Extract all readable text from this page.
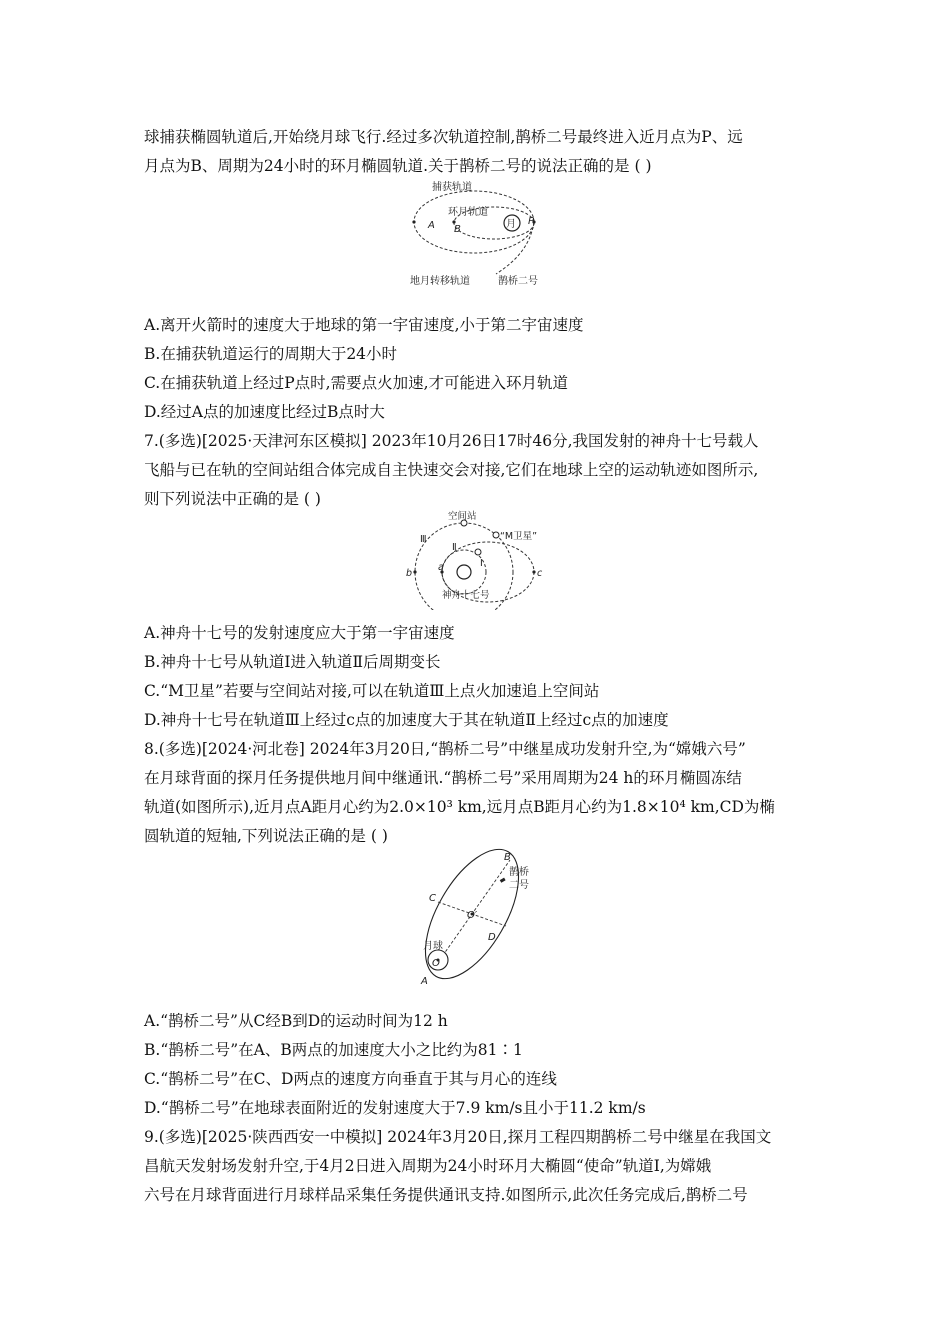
球捕获椭圆轨道后,开始绕月球飞行.经过多次轨道控制,鹊桥二号最终进入近月点为P、远
月点为B、周期为24小时的环月椭圆轨道.关于鹊桥二号的说法正确的是 ( )
捕获轨道
环月轨道
月
A B
P
地月转移轨道	鹊桥二号
A.离开火箭时的速度大于地球的第一宇宙速度,小于第二宇宙速度
B.在捕获轨道运行的周期大于24小时
C.在捕获轨道上经过P点时,需要点火加速,才可能进入环月轨道
D.经过A点的加速度比经过B点时大
7.(多选)[2025·天津河东区模拟] 2023年10月26日17时46分,我国发射的神舟十七号载人
飞船与已在轨的空间站组合体完成自主快速交会对接,它们在地球上空的运动轨迹如图所示,
则下列说法中正确的是 ( )
空间站
“M卫星”
Ⅲ
Ⅱ
Ⅰ
a
b	c
神舟十七号
A.神舟十七号的发射速度应大于第一宇宙速度
B.神舟十七号从轨道Ⅰ进入轨道Ⅱ后周期变长
C.“M卫星”若要与空间站对接,可以在轨道Ⅲ上点火加速追上空间站
D.神舟十七号在轨道Ⅲ上经过c点的加速度大于其在轨道Ⅱ上经过c点的加速度
8.(多选)[2024·河北卷] 2024年3月20日,“鹊桥二号”中继星成功发射升空,为“嫦娥六号”
在月球背面的探月任务提供地月间中继通讯.“鹊桥二号”采用周期为24 h的环月椭圆冻结
轨道(如图所示),近月点A距月心约为2.0×10³ km,远月点B距月心约为1.8×10⁴ km,CD为椭
圆轨道的短轴,下列说法正确的是 ( )
B
C
O′
D
鹊桥
二号
月球
O
A
A.“鹊桥二号”从C经B到D的运动时间为12 h
B.“鹊桥二号”在A、B两点的加速度大小之比约为81∶1
C.“鹊桥二号”在C、D两点的速度方向垂直于其与月心的连线
D.“鹊桥二号”在地球表面附近的发射速度大于7.9 km/s且小于11.2 km/s
9.(多选)[2025·陕西西安一中模拟] 2024年3月20日,探月工程四期鹊桥二号中继星在我国文
昌航天发射场发射升空,于4月2日进入周期为24小时环月大椭圆“使命”轨道Ⅰ,为嫦娥
六号在月球背面进行月球样品采集任务提供通讯支持.如图所示,此次任务完成后,鹊桥二号
